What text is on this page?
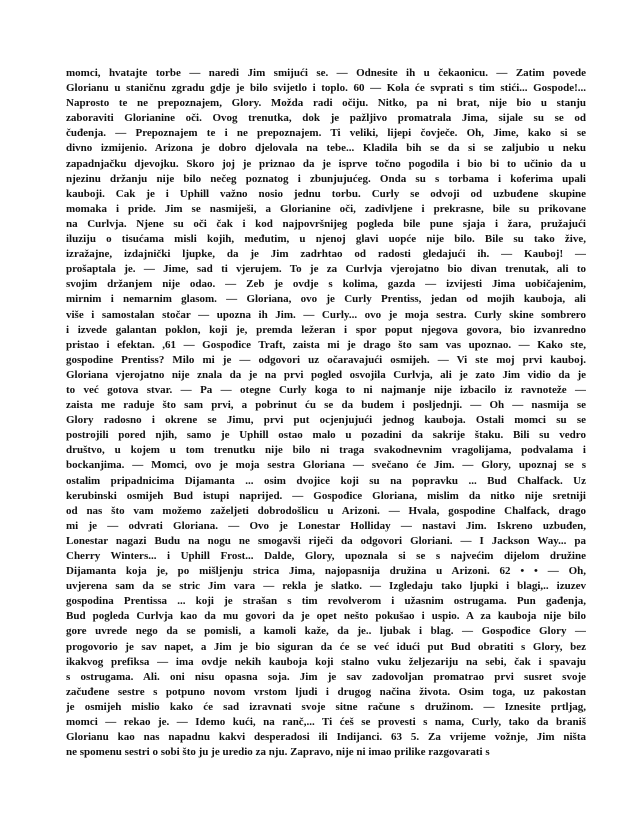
momci, hvatajte torbe — naredi Jim smijući se. — Odnesite ih u čekaonicu. — Zatim povede
Glorianu u staničnu zgradu gdje je bilo svijetlo i toplo. 60 — Kola će svprati s tim stići... Gospode!...
Naprosto te ne prepoznajem, Glory. Možda radi očiju. Nitko, pa ni brat, nije bio u stanju
zaboraviti Glorianine oči. Ovog trenutka, dok je pažljivo promatrala Jima, sijale su se od
čuđenja. — Prepoznajem te i ne prepoznajem. Ti veliki, lijepi čovječe. Oh, Jime, kako si se
divno izmijenio. Arizona je dobro djelovala na tebe... Kladila bih se da si se zaljubio u neku
zapadnjačku djevojku. Skoro joj je priznao da je isprve točno pogodila i bio bi to učinio da u
njezinu držanju nije bilo nečeg poznatog i zbunjujućeg. Onda su s torbama i koferima upali
kauboji. Cak je i Uphill važno nosio jednu torbu. Curly se odvoji od uzbuđene skupine
momaka i pride. Jim se nasmiješi, a Glorianine oči, zadivljene i prekrasne, bile su prikovane
na Curlvja. Njene su oči čak i kod najpovršnijeg pogleda bile pune sjaja i žara, pružajući
iluziju o tisućama misli kojih, međutim, u njenoj glavi uopće nije bilo. Bile su tako žive,
izražajne, izdajnički ljupke, da je Jim zadrhtao od radosti gledajući ih. — Kauboj! —
prošaptala je. — Jime, sad ti vjerujem. To je za Curlvja vjerojatno bio divan trenutak, ali to
svojim držanjem nije odao. — Zeb je ovdje s kolima, gazda — izvijesti Jima uobičajenim,
mirnim i nemarnim glasom. — Gloriana, ovo je Curly Prentiss, jedan od mojih kauboja, ali
više i samostalan stočar — upozna ih Jim. — Curly... ovo je moja sestra. Curly skine sombrero
i izvede galantan poklon, koji je, premda ležeran i spor poput njegova govora, bio izvanredno
pristao i efektan. ,61 — Gospođice Traft, zaista mi je drago što sam vas upoznao. — Kako ste,
gospodine Prentiss? Milo mi je — odgovori uz očaravajući osmijeh. — Vi ste moj prvi kauboj.
Gloriana vjerojatno nije znala da je na prvi pogled osvojila Curlvja, ali je zato Jim vidio da je
to već gotova stvar. — Pa — otegne Curly koga to ni najmanje nije izbacilo iz ravnoteže —
zaista me raduje što sam prvi, a pobrinut ću se da budem i posljednji. — Oh — nasmija se
Glory radosno i okrene se Jimu, prvi put ocjenjujući jednog kauboja. Ostali momci su se
postrojili pored njih, samo je Uphill ostao malo u pozadini da sakrije štaku. Bili su vedro
društvo, u kojem u tom trenutku nije bilo ni traga svakodnevnim vragolijama, podvalama i
bockanjima. — Momci, ovo je moja sestra Gloriana — svečano će Jim. — Glory, upoznaj se s
ostalim pripadnicima Dijamanta ... osim dvojice koji su na popravku ... Bud Chalfack. Uz
kerubinski osmijeh Bud istupi naprijed. — Gospođice Gloriana, mislim da nitko nije sretniji
od nas što vam možemo zaželjeti dobrodošlicu u Arizoni. — Hvala, gospodine Chalfack, drago
mi je — odvrati Gloriana. — Ovo je Lonestar Holliday — nastavi Jim. Iskreno uzbuđen,
Lonestar nagazi Budu na nogu ne smogavši riječi da odgovori Gloriani. — I Jackson Way... pa
Cherry Winters... i Uphill Frost... Dalde, Glory, upoznala si se s najvećim dijelom družine
Dijamanta koja je, po mišljenju strica Jima, najopasnija družina u Arizoni. 62 • • — Oh,
uvjerena sam da se stric Jim vara — rekla je slatko. — Izgledaju tako ljupki i blagi,.. izuzev
gospodina Prentissa ... koji je strašan s tim revolverom i užasnim ostrugama. Pun gađenja,
Bud pogleda Curlvja kao da mu govori da je opet nešto pokušao i uspio. A za kauboja nije bilo
gore uvrede nego da se pomisli, a kamoli kaže, da je.. ljubak i blag. — Gospođice Glory —
progovorio je sav napet, a Jim je bio siguran da će se već idući put Bud obratiti s Glory, bez
ikakvog prefiksa — ima ovdje nekih kauboja koji stalno vuku željezariju na sebi, čak i spavaju
s ostrugama. Ali. oni nisu opasna soja. Jim je sav zadovoljan promatrao prvi susret svoje
začuđene sestre s potpuno novom vrstom ljudi i drugog načina života. Osim toga, uz pakostan
je osmijeh mislio kako će sad izravnati svoje sitne račune s družinom. — Iznesite prtljag,
momci — rekao je. — Idemo kući, na ranč,... Ti ćeš se provesti s nama, Curly, tako da braniš
Glorianu kao nas napadnu kakvi desperadosi ili Indijanci. 63 5. Za vrijeme vožnje, Jim ništa
ne spomenu sestri o sobi što ju je uredio za nju. Zapravo, nije ni imao prilike razgovarati s
